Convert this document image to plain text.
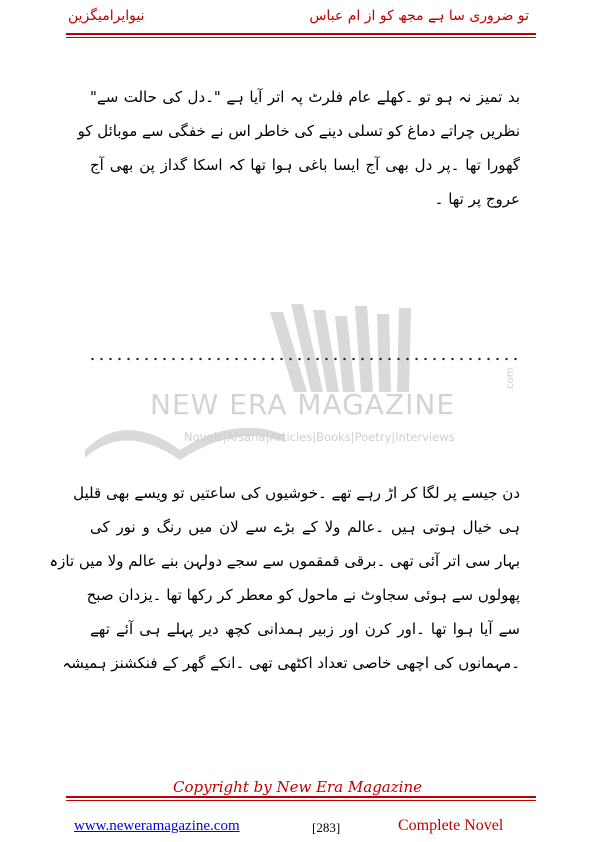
تو ضروری سا ہے مجھ کو از ام عباس
نیوایرامیگزین
NEW ERA MAGAZINE
Novels|Afsana|Articles|Books|Poetry|Interviews
.com
بد تمیز نہ ہو تو ۔کھلے عام فلرٹ پہ اتر آیا ہے "۔دل کی حالت سے"
نظریں چراتے دماغ کو تسلی دینے کی خاطر اس نے خفگی سے موبائل کو
گھورا تھا ۔پر دل بھی آج ایسا باغی ہوا تھا کہ اسکا گداز پن بھی آج
عروج پر تھا ۔
دن جیسے پر لگا کر اڑ رہے تھے ۔خوشیوں کی ساعتیں تو ویسے بھی قلیل
ہی خیال ہوتی ہیں ۔عالم ولا کے بڑے سے لان میں رنگ و نور کی
بہار سی اتر آئی تھی ۔برقی قمقموں سے سجے دولہن بنے عالم ولا میں تازہ
پھولوں سے ہوئی سجاوٹ نے ماحول کو معطر کر رکھا تھا ۔یزدان صبح
سے آیا ہوا تھا ۔اور کرن اور زبیر ہمدانی کچھ دیر پہلے ہی آئے تھے
۔مہمانوں کی اچھی خاصی تعداد اکٹھی تھی ۔انکے گھر کے فنکشنز ہمیشہ
Copyright by New Era Magazine
www.neweramagazine.com	[283]	Complete Novel
